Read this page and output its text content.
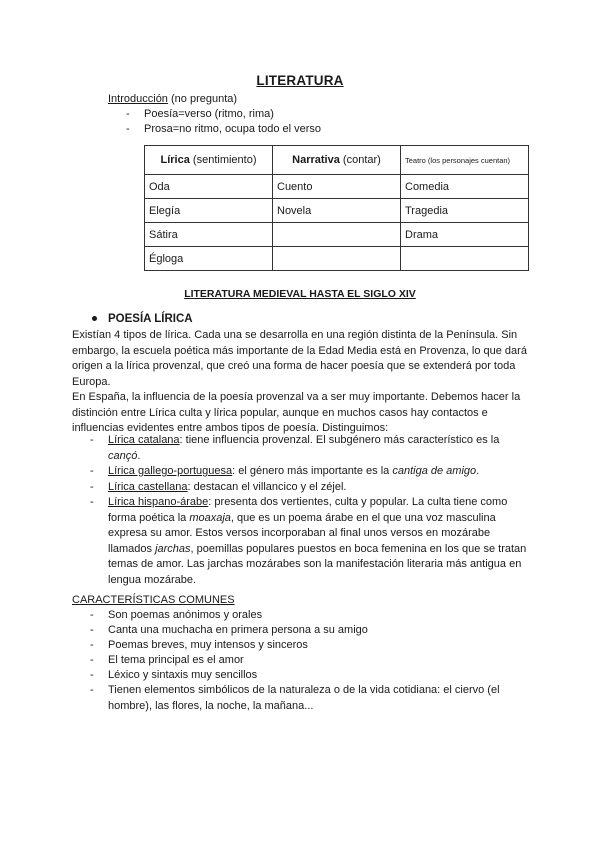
LITERATURA
Introducción (no pregunta)
- Poesía=verso (ritmo, rima)
- Prosa=no ritmo, ocupa todo el verso
Lírica (sentimiento)	Narrativa (contar)	Teatro (los personajes cuentan)
Oda	Cuento	Comedia
Elegía	Novela	Tragedia
Sátira		Drama
Égloga		
LITERATURA MEDIEVAL HASTA EL SIGLO XIV
POESÍA LÍRICA
Existían 4 tipos de lírica. Cada una se desarrolla en una región distinta de la Península. Sin embargo, la escuela poética más importante de la Edad Media está en Provenza, lo que dará origen a la lírica provenzal, que creó una forma de hacer poesía que se extenderá por toda Europa.
En España, la influencia de la poesía provenzal va a ser muy importante. Debemos hacer la distinción entre Lírica culta y lírica popular, aunque en muchos casos hay contactos e influencias evidentes entre ambos tipos de poesía. Distinguimos:
- Lírica catalana: tiene influencia provenzal. El subgénero más característico es la cançó.
- Lírica gallego-portuguesa: el género más importante es la cantiga de amigo.
- Lírica castellana: destacan el villancico y el zéjel.
- Lírica hispano-árabe: presenta dos vertientes, culta y popular. La culta tiene como forma poética la moaxaja, que es un poema árabe en el que una voz masculina expresa su amor. Estos versos incorporaban al final unos versos en mozárabe llamados jarchas, poemillas populares puestos en boca femenina en los que se tratan temas de amor. Las jarchas mozárabes son la manifestación literaria más antigua en lengua mozárabe.
CARACTERÍSTICAS COMUNES
- Son poemas anónimos y orales
- Canta una muchacha en primera persona a su amigo
- Poemas breves, muy intensos y sinceros
- El tema principal es el amor
- Léxico y sintaxis muy sencillos
- Tienen elementos simbólicos de la naturaleza o de la vida cotidiana: el ciervo (el hombre), las flores, la noche, la mañana...
